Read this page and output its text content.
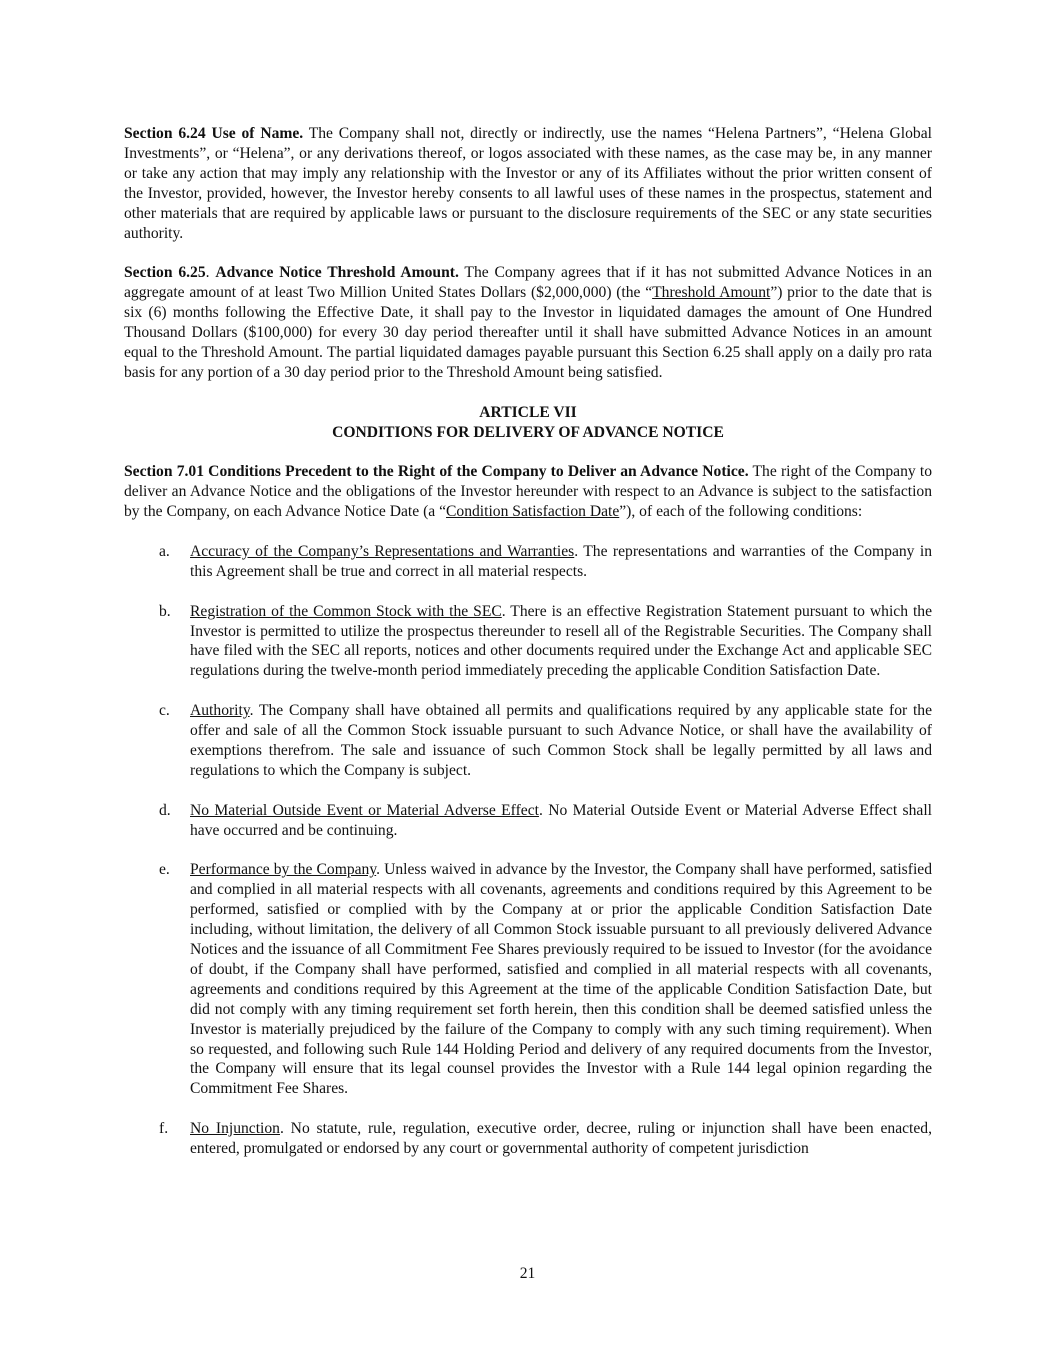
Section 6.24 Use of Name. The Company shall not, directly or indirectly, use the names “Helena Partners”, “Helena Global Investments”, or “Helena”, or any derivations thereof, or logos associated with these names, as the case may be, in any manner or take any action that may imply any relationship with the Investor or any of its Affiliates without the prior written consent of the Investor, provided, however, the Investor hereby consents to all lawful uses of these names in the prospectus, statement and other materials that are required by applicable laws or pursuant to the disclosure requirements of the SEC or any state securities authority.

Section 6.25. Advance Notice Threshold Amount. The Company agrees that if it has not submitted Advance Notices in an aggregate amount of at least Two Million United States Dollars ($2,000,000) (the “Threshold Amount”) prior to the date that is six (6) months following the Effective Date, it shall pay to the Investor in liquidated damages the amount of One Hundred Thousand Dollars ($100,000) for every 30 day period thereafter until it shall have submitted Advance Notices in an amount equal to the Threshold Amount. The partial liquidated damages payable pursuant this Section 6.25 shall apply on a daily pro rata basis for any portion of a 30 day period prior to the Threshold Amount being satisfied.

ARTICLE VII

CONDITIONS FOR DELIVERY OF ADVANCE NOTICE

Section 7.01 Conditions Precedent to the Right of the Company to Deliver an Advance Notice. The right of the Company to deliver an Advance Notice and the obligations of the Investor hereunder with respect to an Advance is subject to the satisfaction by the Company, on each Advance Notice Date (a “Condition Satisfaction Date”), of each of the following conditions:

a.	Accuracy of the Company’s Representations and Warranties. The representations and warranties of the Company in this Agreement shall be true and correct in all material respects.
b.	Registration of the Common Stock with the SEC. There is an effective Registration Statement pursuant to which the Investor is permitted to utilize the prospectus thereunder to resell all of the Registrable Securities. The Company shall have filed with the SEC all reports, notices and other documents required under the Exchange Act and applicable SEC regulations during the twelve-month period immediately preceding the applicable Condition Satisfaction Date.
c.	Authority. The Company shall have obtained all permits and qualifications required by any applicable state for the offer and sale of all the Common Stock issuable pursuant to such Advance Notice, or shall have the availability of exemptions therefrom. The sale and issuance of such Common Stock shall be legally permitted by all laws and regulations to which the Company is subject.
d.	No Material Outside Event or Material Adverse Effect. No Material Outside Event or Material Adverse Effect shall have occurred and be continuing.
e.	Performance by the Company. Unless waived in advance by the Investor, the Company shall have performed, satisfied and complied in all material respects with all covenants, agreements and conditions required by this Agreement to be performed, satisfied or complied with by the Company at or prior the applicable Condition Satisfaction Date including, without limitation, the delivery of all Common Stock issuable pursuant to all previously delivered Advance Notices and the issuance of all Commitment Fee Shares previously required to be issued to Investor (for the avoidance of doubt, if the Company shall have performed, satisfied and complied in all material respects with all covenants, agreements and conditions required by this Agreement at the time of the applicable Condition Satisfaction Date, but did not comply with any timing requirement set forth herein, then this condition shall be deemed satisfied unless the Investor is materially prejudiced by the failure of the Company to comply with any such timing requirement). When so requested, and following such Rule 144 Holding Period and delivery of any required documents from the Investor, the Company will ensure that its legal counsel provides the Investor with a Rule 144 legal opinion regarding the Commitment Fee Shares.
f.	No Injunction. No statute, rule, regulation, executive order, decree, ruling or injunction shall have been enacted, entered, promulgated or endorsed by any court or governmental authority of competent jurisdiction
21
